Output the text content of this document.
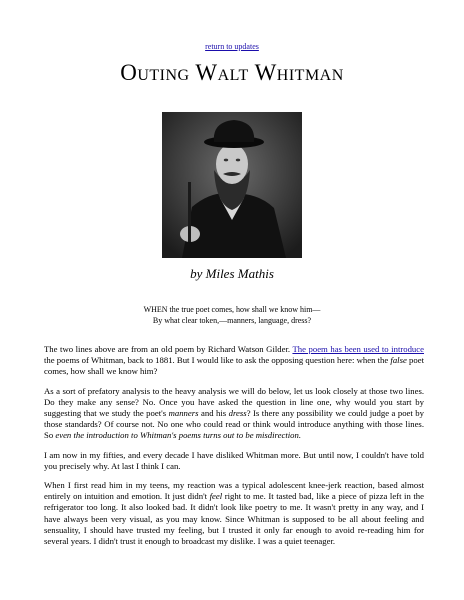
return to updates
Outing Walt Whitman
by Miles Mathis
WHEN the true poet comes, how shall we know him—
By what clear token,—manners, language, dress?

The two lines above are from an old poem by Richard Watson Gilder. The poem has been used to introduce the poems of Whitman, back to 1881. But I would like to ask the opposing question here: when the false poet comes, how shall we know him?

As a sort of prefatory analysis to the heavy analysis we will do below, let us look closely at those two lines. Do they make any sense? No. Once you have asked the question in line one, why would you start by suggesting that we study the poet's manners and his dress? Is there any possibility we could judge a poet by those standards? Of course not. No one who could read or think would introduce anything with those lines. So even the introduction to Whitman's poems turns out to be misdirection.

I am now in my fifties, and every decade I have disliked Whitman more. But until now, I couldn't have told you precisely why. At last I think I can.

When I first read him in my teens, my reaction was a typical adolescent knee-jerk reaction, based almost entirely on intuition and emotion. It just didn't feel right to me. It tasted bad, like a piece of pizza left in the refrigerator too long. It also looked bad. It didn't look like poetry to me. It wasn't pretty in any way, and I have always been very visual, as you may know. Since Whitman is supposed to be all about feeling and sensuality, I should have trusted my feeling, but I trusted it only far enough to avoid re-reading him for several years. I didn't trust it enough to broadcast my dislike. I was a quiet teenager.
